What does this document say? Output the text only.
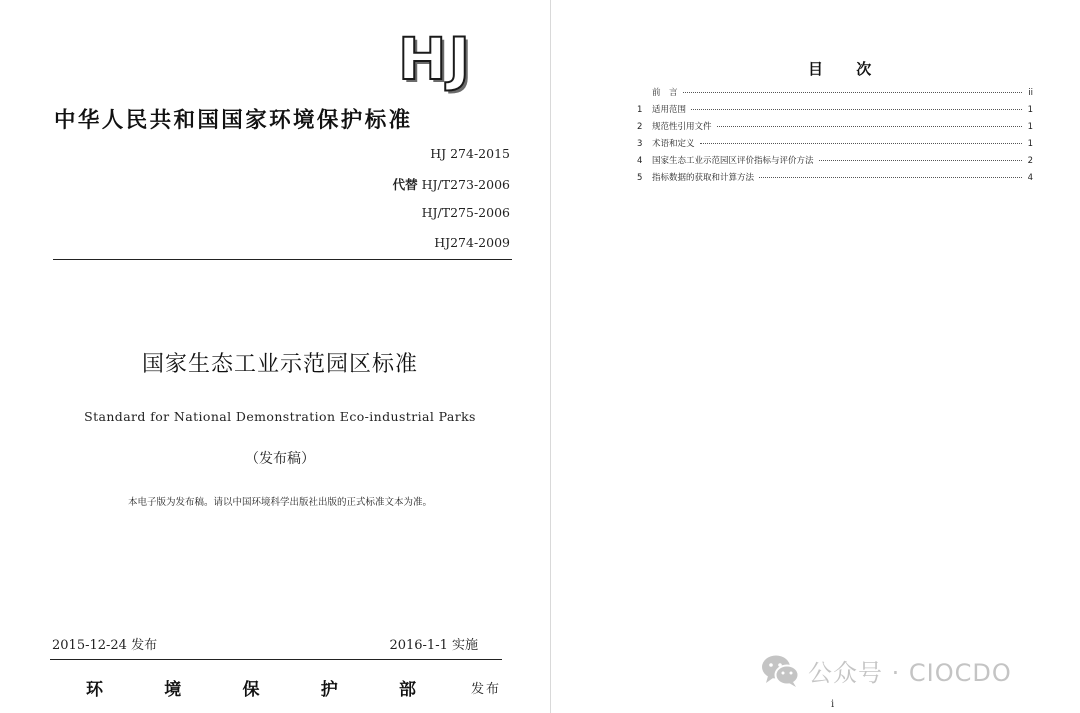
HJ
中华人民共和国国家环境保护标准
HJ 274-2015
代替 HJ/T273-2006
HJ/T275-2006
HJ274-2009
国家生态工业示范园区标准
Standard for National Demonstration Eco-industrial Parks
（发布稿）
本电子版为发布稿。请以中国环境科学出版社出版的正式标准文本为准。
2015-12-24 发布	2016-1-1 实施
环	境	保	护	部	发布
目 次
前　言	ii
1	适用范围	1
2	规范性引用文件	1
3	术语和定义	1
4	国家生态工业示范园区评价指标与评价方法	2
5	指标数据的获取和计算方法	4
i
公众号 · CIOCDO
